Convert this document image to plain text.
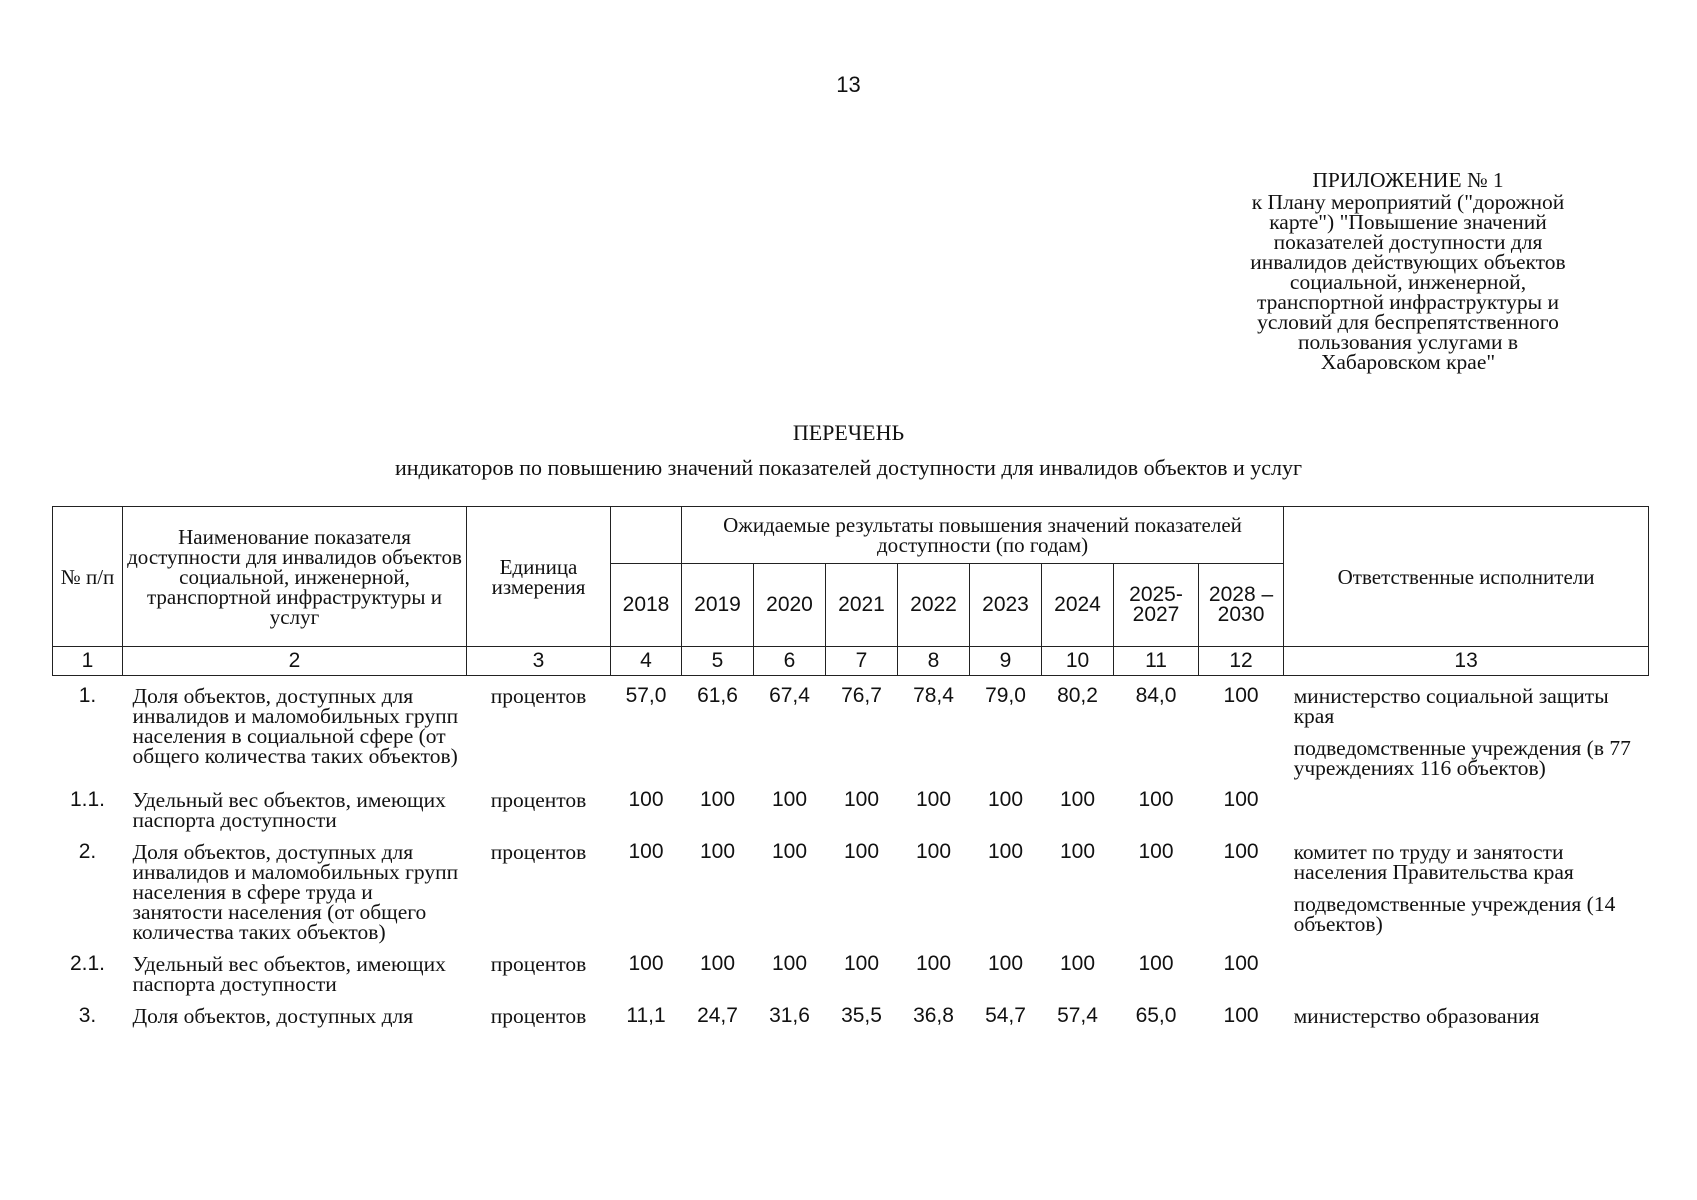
13
ПРИЛОЖЕНИЕ № 1
к Плану мероприятий ("дорожной
карте") "Повышение значений
показателей доступности для
инвалидов действующих объектов
социальной, инженерной,
транспортной инфраструктуры и
условий для беспрепятственного
пользования услугами в
Хабаровском крае"
ПЕРЕЧЕНЬ
индикаторов по повышению значений показателей доступности для инвалидов объектов и услуг
№ п/п	Наименование показателя доступности для инвалидов объектов социальной, инженерной, транспортной инфраструктуры и услуг	Единица измерения		Ожидаемые результаты повышения значений показателей доступности (по годам)								Ответственные исполнители
			2018	2019	2020	2021	2022	2023	2024	2025-2027	2028 – 2030	
1	2	3	4	5	6	7	8	9	10	11	12	13

1.	Доля объектов, доступных для инвалидов и маломобильных групп населения в социальной сфере (от общего количества таких объектов)	процентов	57,0	61,6	67,4	76,7	78,4	79,0	80,2	84,0	100	министерство социальной защиты края
подведомственные учреждения (в 77 учреждениях 116 объектов)

1.1.	Удельный вес объектов, имеющих паспорта доступности	процентов	100	100	100	100	100	100	100	100	100	
2.	Доля объектов, доступных для инвалидов и маломобильных групп населения в сфере труда и занятости населения (от общего количества таких объектов)	процентов	100	100	100	100	100	100	100	100	100	комитет по труду и занятости населения Правительства края
подведомственные учреждения (14 объектов)

2.1.	Удельный вес объектов, имеющих паспорта доступности	процентов	100	100	100	100	100	100	100	100	100	
3.	Доля объектов, доступных для	процентов	11,1	24,7	31,6	35,5	36,8	54,7	57,4	65,0	100	министерство образования
